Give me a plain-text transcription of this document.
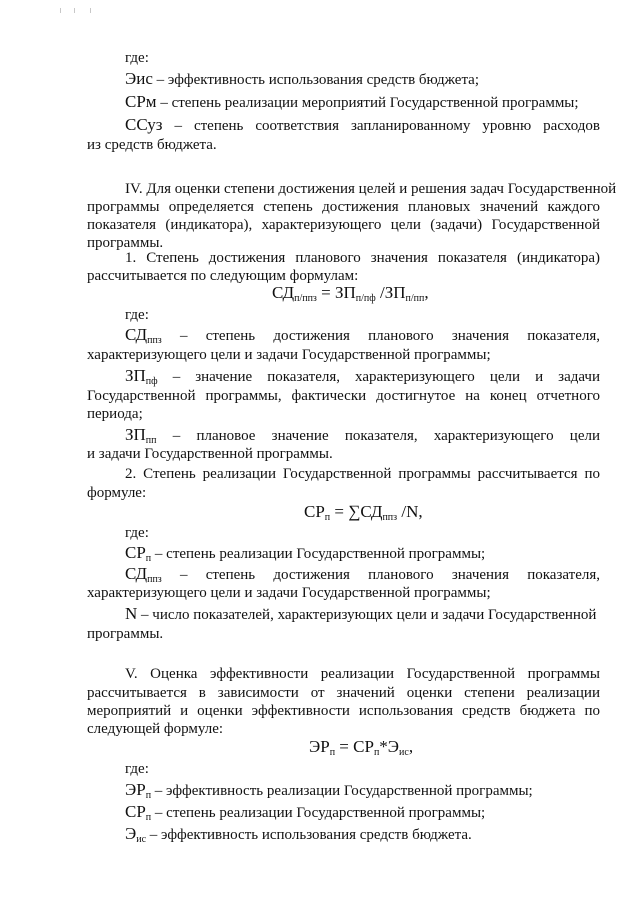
где:
Эис – эффективность использования средств бюджета;
СРм – степень реализации мероприятий Государственной программы;
ССуз – степень соответствия запланированному уровню расходов
из средств бюджета.
IV. Для оценки степени достижения целей и решения задач Государственной
программы определяется степень достижения плановых значений каждого
показателя (индикатора), характеризующего цели (задачи) Государственной
программы.
1. Степень достижения планового значения показателя (индикатора)
рассчитывается по следующим формулам:
$СД_{п/ппз} = ЗП_{п/пф}$ $/ЗП_{п/пп}$,
где:
$СД_{ппз}$ – степень достижения планового значения показателя,
характеризующего цели и задачи Государственной программы;
$ЗП_{пф}$ – значение показателя, характеризующего цели и задачи
Государственной программы, фактически достигнутое на конец отчетного
периода;
$ЗП_{пп}$ – плановое значение показателя, характеризующего цели
и задачи Государственной программы.
2. Степень реализации Государственной программы рассчитывается по
формуле:
$СР_п = \sum СД_{ппз}$ /N,
где:
$СР_п$ – степень реализации Государственной программы;
$СД_{ппз}$ – степень достижения планового значения показателя,
характеризующего цели и задачи Государственной программы;
N – число показателей, характеризующих цели и задачи Государственной
программы.
V. Оценка эффективности реализации Государственной программы
рассчитывается в зависимости от значений оценки степени реализации
мероприятий и оценки эффективности использования средств бюджета по
следующей формуле:
$ЭР_п = СР_п*Э_{ис}$,
где:
$ЭР_п$ – эффективность реализации Государственной программы;
$СР_п$ – степень реализации Государственной программы;
$Э_{ис}$ – эффективность использования средств бюджета.
